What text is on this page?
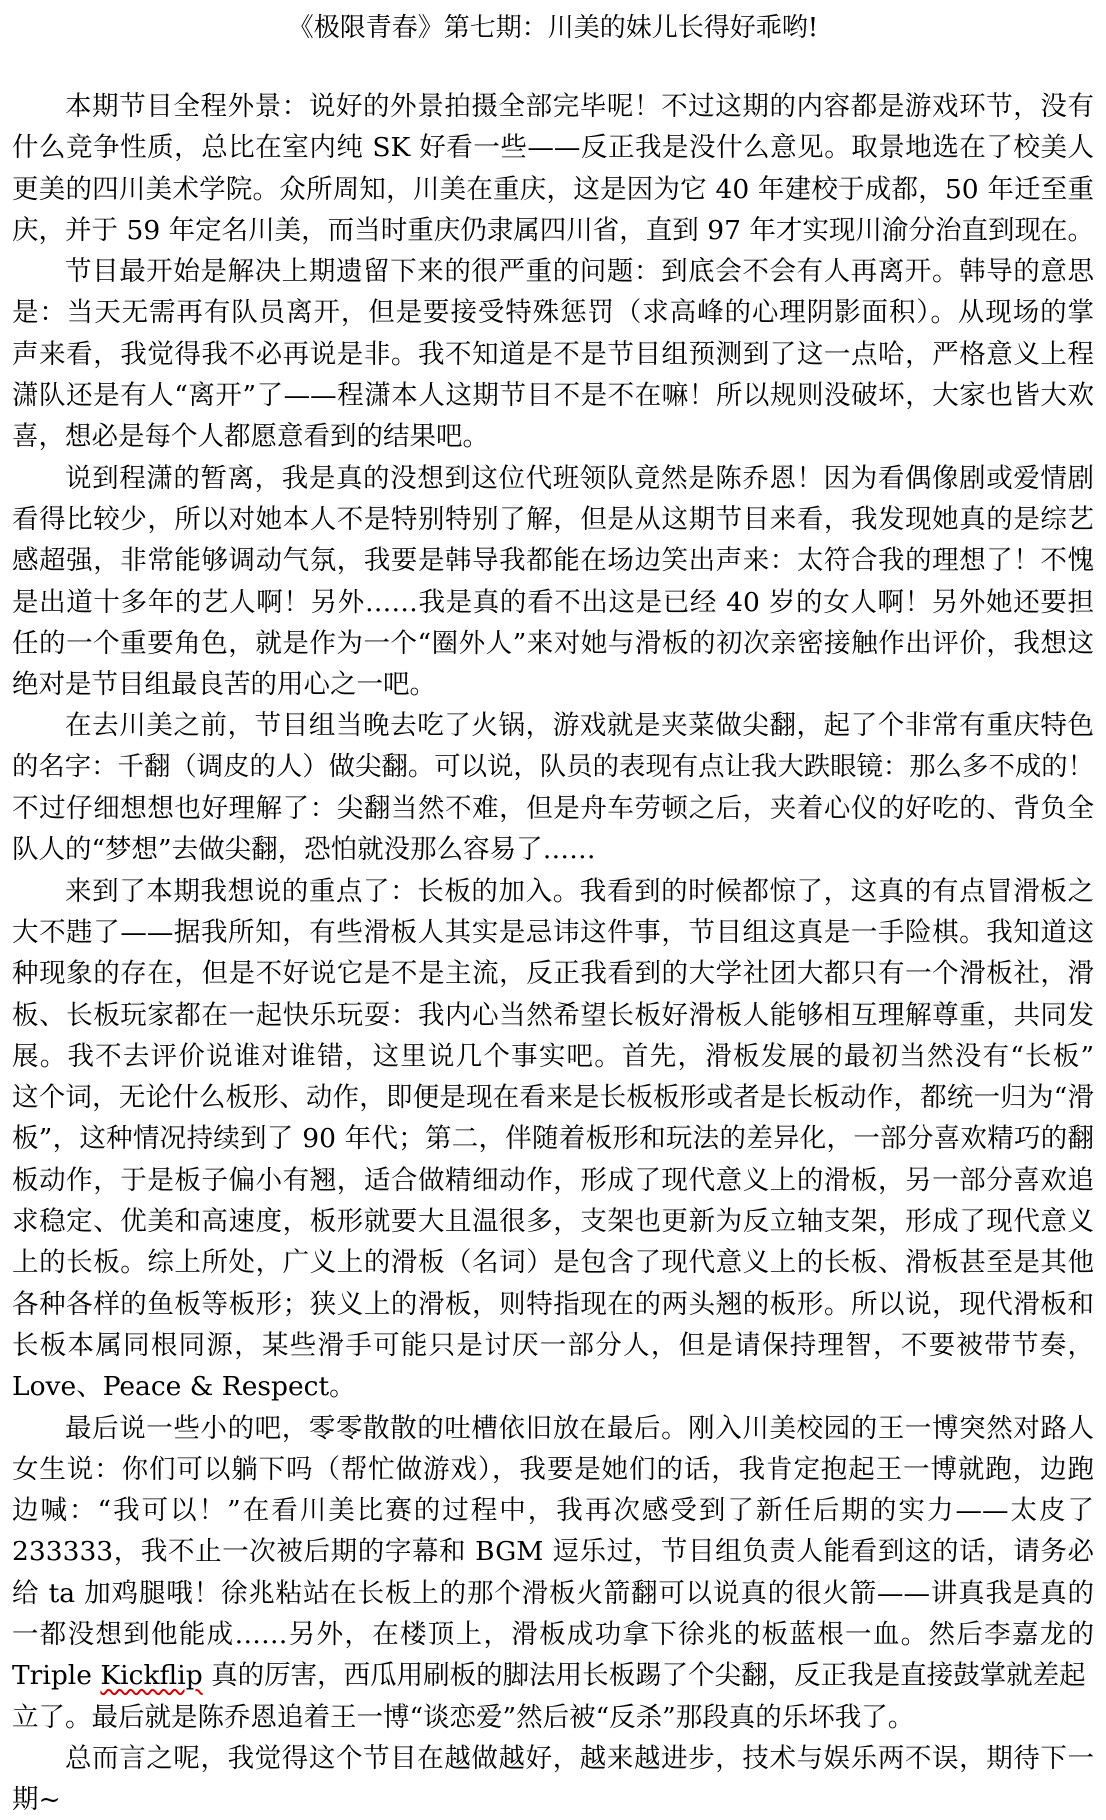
《极限青春》第七期：川美的妹儿长得好乖哟!
本期节目全程外景：说好的外景拍摄全部完毕呢！不过这期的内容都是游戏环节，没有
什么竞争性质，总比在室内纯 SK 好看一些——反正我是没什么意见。取景地选在了校美人
更美的四川美术学院。众所周知，川美在重庆，这是因为它 40 年建校于成都，50 年迁至重
庆，并于 59 年定名川美，而当时重庆仍隶属四川省，直到 97 年才实现川渝分治直到现在。
节目最开始是解决上期遗留下来的很严重的问题：到底会不会有人再离开。韩导的意思
是：当天无需再有队员离开，但是要接受特殊惩罚（求高峰的心理阴影面积）。从现场的掌
声来看，我觉得我不必再说是非。我不知道是不是节目组预测到了这一点哈，严格意义上程
潇队还是有人“离开”了——程潇本人这期节目不是不在嘛！所以规则没破坏，大家也皆大欢
喜，想必是每个人都愿意看到的结果吧。
说到程潇的暂离，我是真的没想到这位代班领队竟然是陈乔恩！因为看偶像剧或爱情剧
看得比较少，所以对她本人不是特别特别了解，但是从这期节目来看，我发现她真的是综艺
感超强，非常能够调动气氛，我要是韩导我都能在场边笑出声来：太符合我的理想了！不愧
是出道十多年的艺人啊！另外……我是真的看不出这是已经 40 岁的女人啊！另外她还要担
任的一个重要角色，就是作为一个“圈外人”来对她与滑板的初次亲密接触作出评价，我想这
绝对是节目组最良苦的用心之一吧。
在去川美之前，节目组当晚去吃了火锅，游戏就是夹菜做尖翻，起了个非常有重庆特色
的名字：千翻（调皮的人）做尖翻。可以说，队员的表现有点让我大跌眼镜：那么多不成的！
不过仔细想想也好理解了：尖翻当然不难，但是舟车劳顿之后，夹着心仪的好吃的、背负全
队人的“梦想”去做尖翻，恐怕就没那么容易了……
来到了本期我想说的重点了：长板的加入。我看到的时候都惊了，这真的有点冒滑板之
大不韪了——据我所知，有些滑板人其实是忌讳这件事，节目组这真是一手险棋。我知道这
种现象的存在，但是不好说它是不是主流，反正我看到的大学社团大都只有一个滑板社，滑
板、长板玩家都在一起快乐玩耍：我内心当然希望长板好滑板人能够相互理解尊重，共同发
展。我不去评价说谁对谁错，这里说几个事实吧。首先，滑板发展的最初当然没有“长板”
这个词，无论什么板形、动作，即便是现在看来是长板板形或者是长板动作，都统一归为“滑
板”，这种情况持续到了 90 年代；第二，伴随着板形和玩法的差异化，一部分喜欢精巧的翻
板动作，于是板子偏小有翘，适合做精细动作，形成了现代意义上的滑板，另一部分喜欢追
求稳定、优美和高速度，板形就要大且温很多，支架也更新为反立轴支架，形成了现代意义
上的长板。综上所处，广义上的滑板（名词）是包含了现代意义上的长板、滑板甚至是其他
各种各样的鱼板等板形；狭义上的滑板，则特指现在的两头翘的板形。所以说，现代滑板和
长板本属同根同源，某些滑手可能只是讨厌一部分人，但是请保持理智，不要被带节奏，
Love、Peace & Respect。
最后说一些小的吧，零零散散的吐槽依旧放在最后。刚入川美校园的王一博突然对路人
女生说：你们可以躺下吗（帮忙做游戏），我要是她们的话，我肯定抱起王一博就跑，边跑
边喊：“我可以！”在看川美比赛的过程中，我再次感受到了新任后期的实力——太皮了
233333，我不止一次被后期的字幕和 BGM 逗乐过，节目组负责人能看到这的话，请务必
给 ta 加鸡腿哦！徐兆粘站在长板上的那个滑板火箭翻可以说真的很火箭——讲真我是真的
一都没想到他能成……另外，在楼顶上，滑板成功拿下徐兆的板蓝根一血。然后李嘉龙的
Triple Kickflip 真的厉害，西瓜用刷板的脚法用长板踢了个尖翻，反正我是直接鼓掌就差起
立了。最后就是陈乔恩追着王一博“谈恋爱”然后被“反杀”那段真的乐坏我了。
总而言之呢，我觉得这个节目在越做越好，越来越进步，技术与娱乐两不误，期待下一
期~
